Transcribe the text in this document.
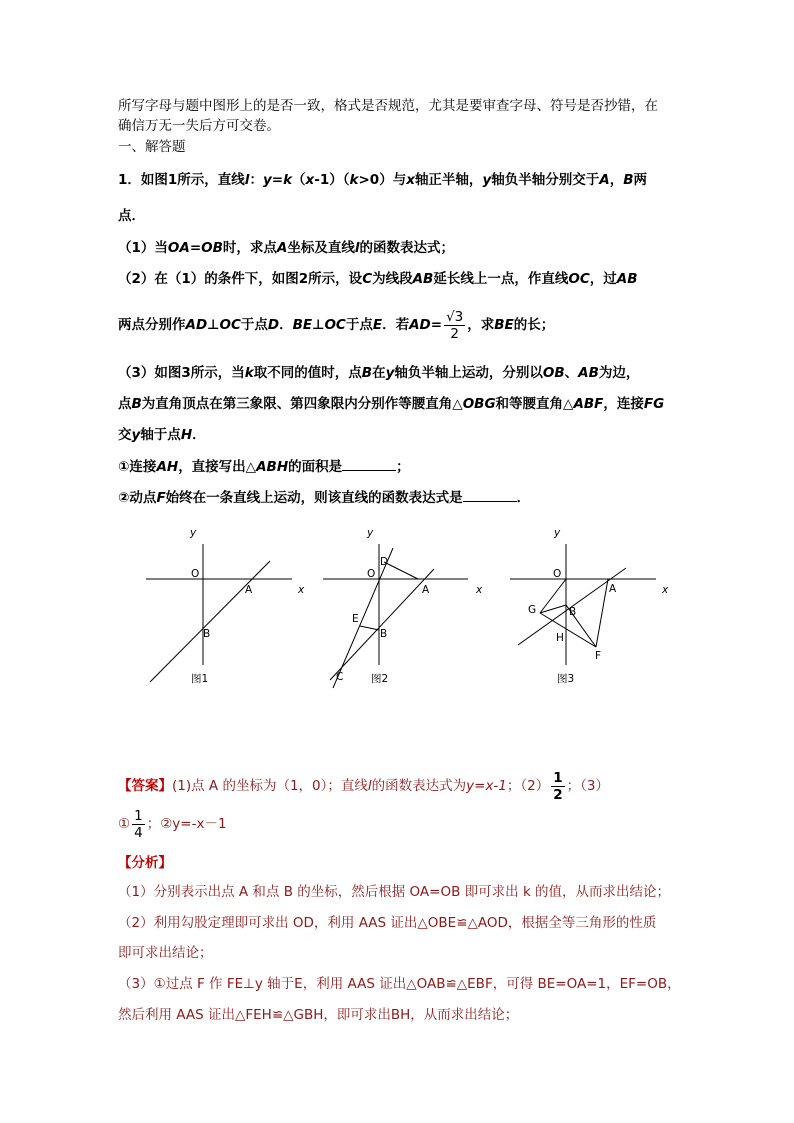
所写字母与题中图形上的是否一致，格式是否规范，尤其是要审查字母、符号是否抄错，在
确信万无一失后方可交卷。
一、解答题
1．如图1所示，直线l：y=k（x-1）（k>0）与x轴正半轴，y轴负半轴分别交于A，B两
点．
（1）当OA=OB时，求点A坐标及直线l的函数表达式；
（2）在（1）的条件下，如图2所示，设C为线段AB延长线上一点，作直线OC，过AB
两点分别作AD⊥OC于点D．BE⊥OC于点E．若$AD= \frac{√3}{2}$ ，求BE的长；
（3）如图3所示，当k取不同的值时，点B在y轴负半轴上运动，分别以OB、AB为边，
点B为直角顶点在第三象限、第四象限内分别作等腰直角△OBG和等腰直角△ABF，连接FG
交y轴于点H．
①连接AH，直接写出△ABH的面积是	；
②动点F始终在一条直线上运动，则该直线的函数表达式是	．
y
x
O
A
B
图1
y
x
O
D
A
E
B
C	图2
y
x
O
A
G	B
H
F
图3
【答案】(1)点 A 的坐标为（1，0）；直线l的函数表达式为y=x-1；$(2) \frac{1}{2}$ ；（3）
① $\frac{1}{4}$ ；②y=-x－1
【分析】
（1）分别表示出点 A 和点 B 的坐标，然后根据 OA=OB 即可求出 k 的值，从而求出结论；
（2）利用勾股定理即可求出 OD，利用 AAS 证出△OBE≌△AOD，根据全等三角形的性质
即可求出结论；
（3）①过点 F 作 FE⊥y 轴于E，利用 AAS 证出△OAB≌△EBF，可得 BE=OA=1，EF=OB，
然后利用 AAS 证出△FEH≌△GBH，即可求出BH，从而求出结论；
